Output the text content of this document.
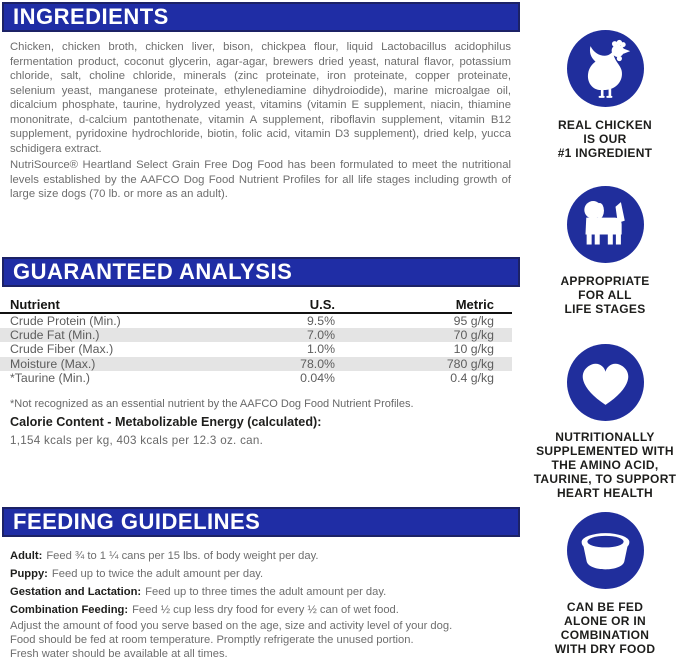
INGREDIENTS
Chicken, chicken broth, chicken liver, bison, chickpea flour, liquid Lactobacillus acidophilus fermentation product, coconut glycerin, agar-agar, brewers dried yeast, natural flavor, potassium chloride, salt, choline chloride, minerals (zinc proteinate, iron proteinate, copper proteinate, selenium yeast, manganese proteinate, ethylenediamine dihydroiodide), marine microalgae oil, dicalcium phosphate, taurine, hydrolyzed yeast, vitamins (vitamin E supplement, niacin, thiamine mononitrate, d-calcium pantothenate, vitamin A supplement, riboflavin supplement, vitamin B12 supplement, pyridoxine hydrochloride, biotin, folic acid, vitamin D3 supplement), dried kelp, yucca schidigera extract.
NutriSource® Heartland Select Grain Free Dog Food has been formulated to meet the nutritional levels established by the AAFCO Dog Food Nutrient Profiles for all life stages including growth of large size dogs (70 lb. or more as an adult).
GUARANTEED ANALYSIS
Nutrient	U.S.	Metric
Crude Protein (Min.)	9.5%	95 g/kg
Crude Fat (Min.)	7.0%	70 g/kg
Crude Fiber (Max.)	1.0%	10 g/kg
Moisture (Max.)	78.0%	780 g/kg
*Taurine (Min.)	0.04%	0.4 g/kg
*Not recognized as an essential nutrient by the AAFCO Dog Food Nutrient Profiles.
Calorie Content - Metabolizable Energy (calculated):
1,154 kcals per kg, 403 kcals per 12.3 oz. can.
FEEDING GUIDELINES
Adult: Feed ¾ to 1 ¼ cans per 15 lbs. of body weight per day.
Puppy: Feed up to twice the adult amount per day.
Gestation and Lactation: Feed up to three times the adult amount per day.
Combination Feeding: Feed ½ cup less dry food for every ½ can of wet food.
Adjust the amount of food you serve based on the age, size and activity level of your dog.
Food should be fed at room temperature. Promptly refrigerate the unused portion.
Fresh water should be available at all times.
REAL CHICKEN
IS OUR
#1 INGREDIENT
APPROPRIATE
FOR ALL
LIFE STAGES
NUTRITIONALLY
SUPPLEMENTED WITH
THE AMINO ACID,
TAURINE, TO SUPPORT
HEART HEALTH
CAN BE FED
ALONE OR IN
COMBINATION
WITH DRY FOOD
